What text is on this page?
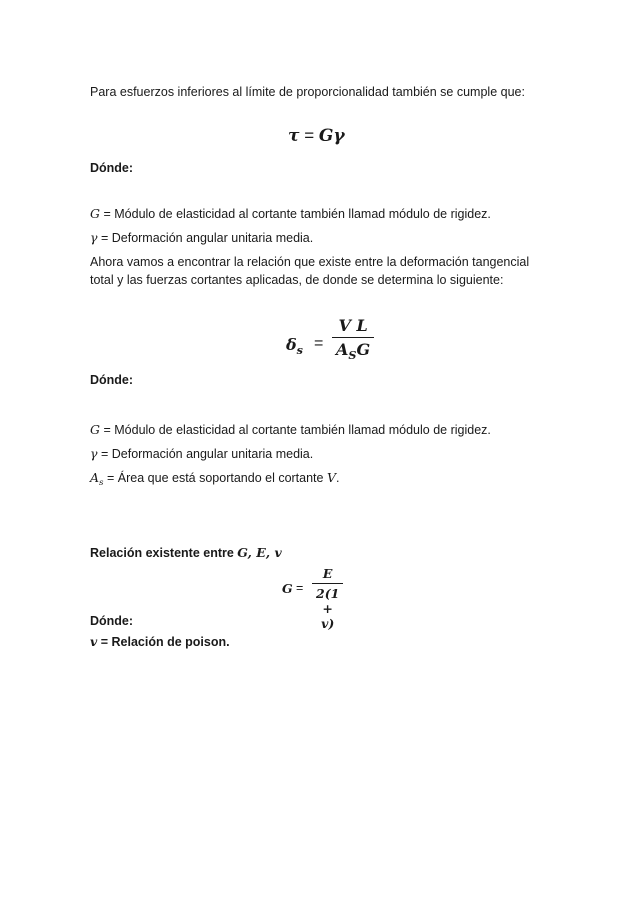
Para esfuerzos inferiores al límite de proporcionalidad también se cumple que:
τ = Gγ
Dónde:
G = Módulo de elasticidad al cortante también llamad módulo de rigidez.
γ = Deformación angular unitaria media.
Ahora vamos a encontrar la relación que existe entre la deformación tangencial
total y las fuerzas cortantes aplicadas, de donde se determina lo siguiente:
$\delta_s$ =
V L
$A_SG$
Dónde:
G = Módulo de elasticidad al cortante también llamad módulo de rigidez.
γ = Deformación angular unitaria media.
$A_s$ = Área que está soportando el cortante V.
Relación existente entre G, E, v
$G = \frac{E}{2(1 + v)}$
Dónde:
v = Relación de poison.
